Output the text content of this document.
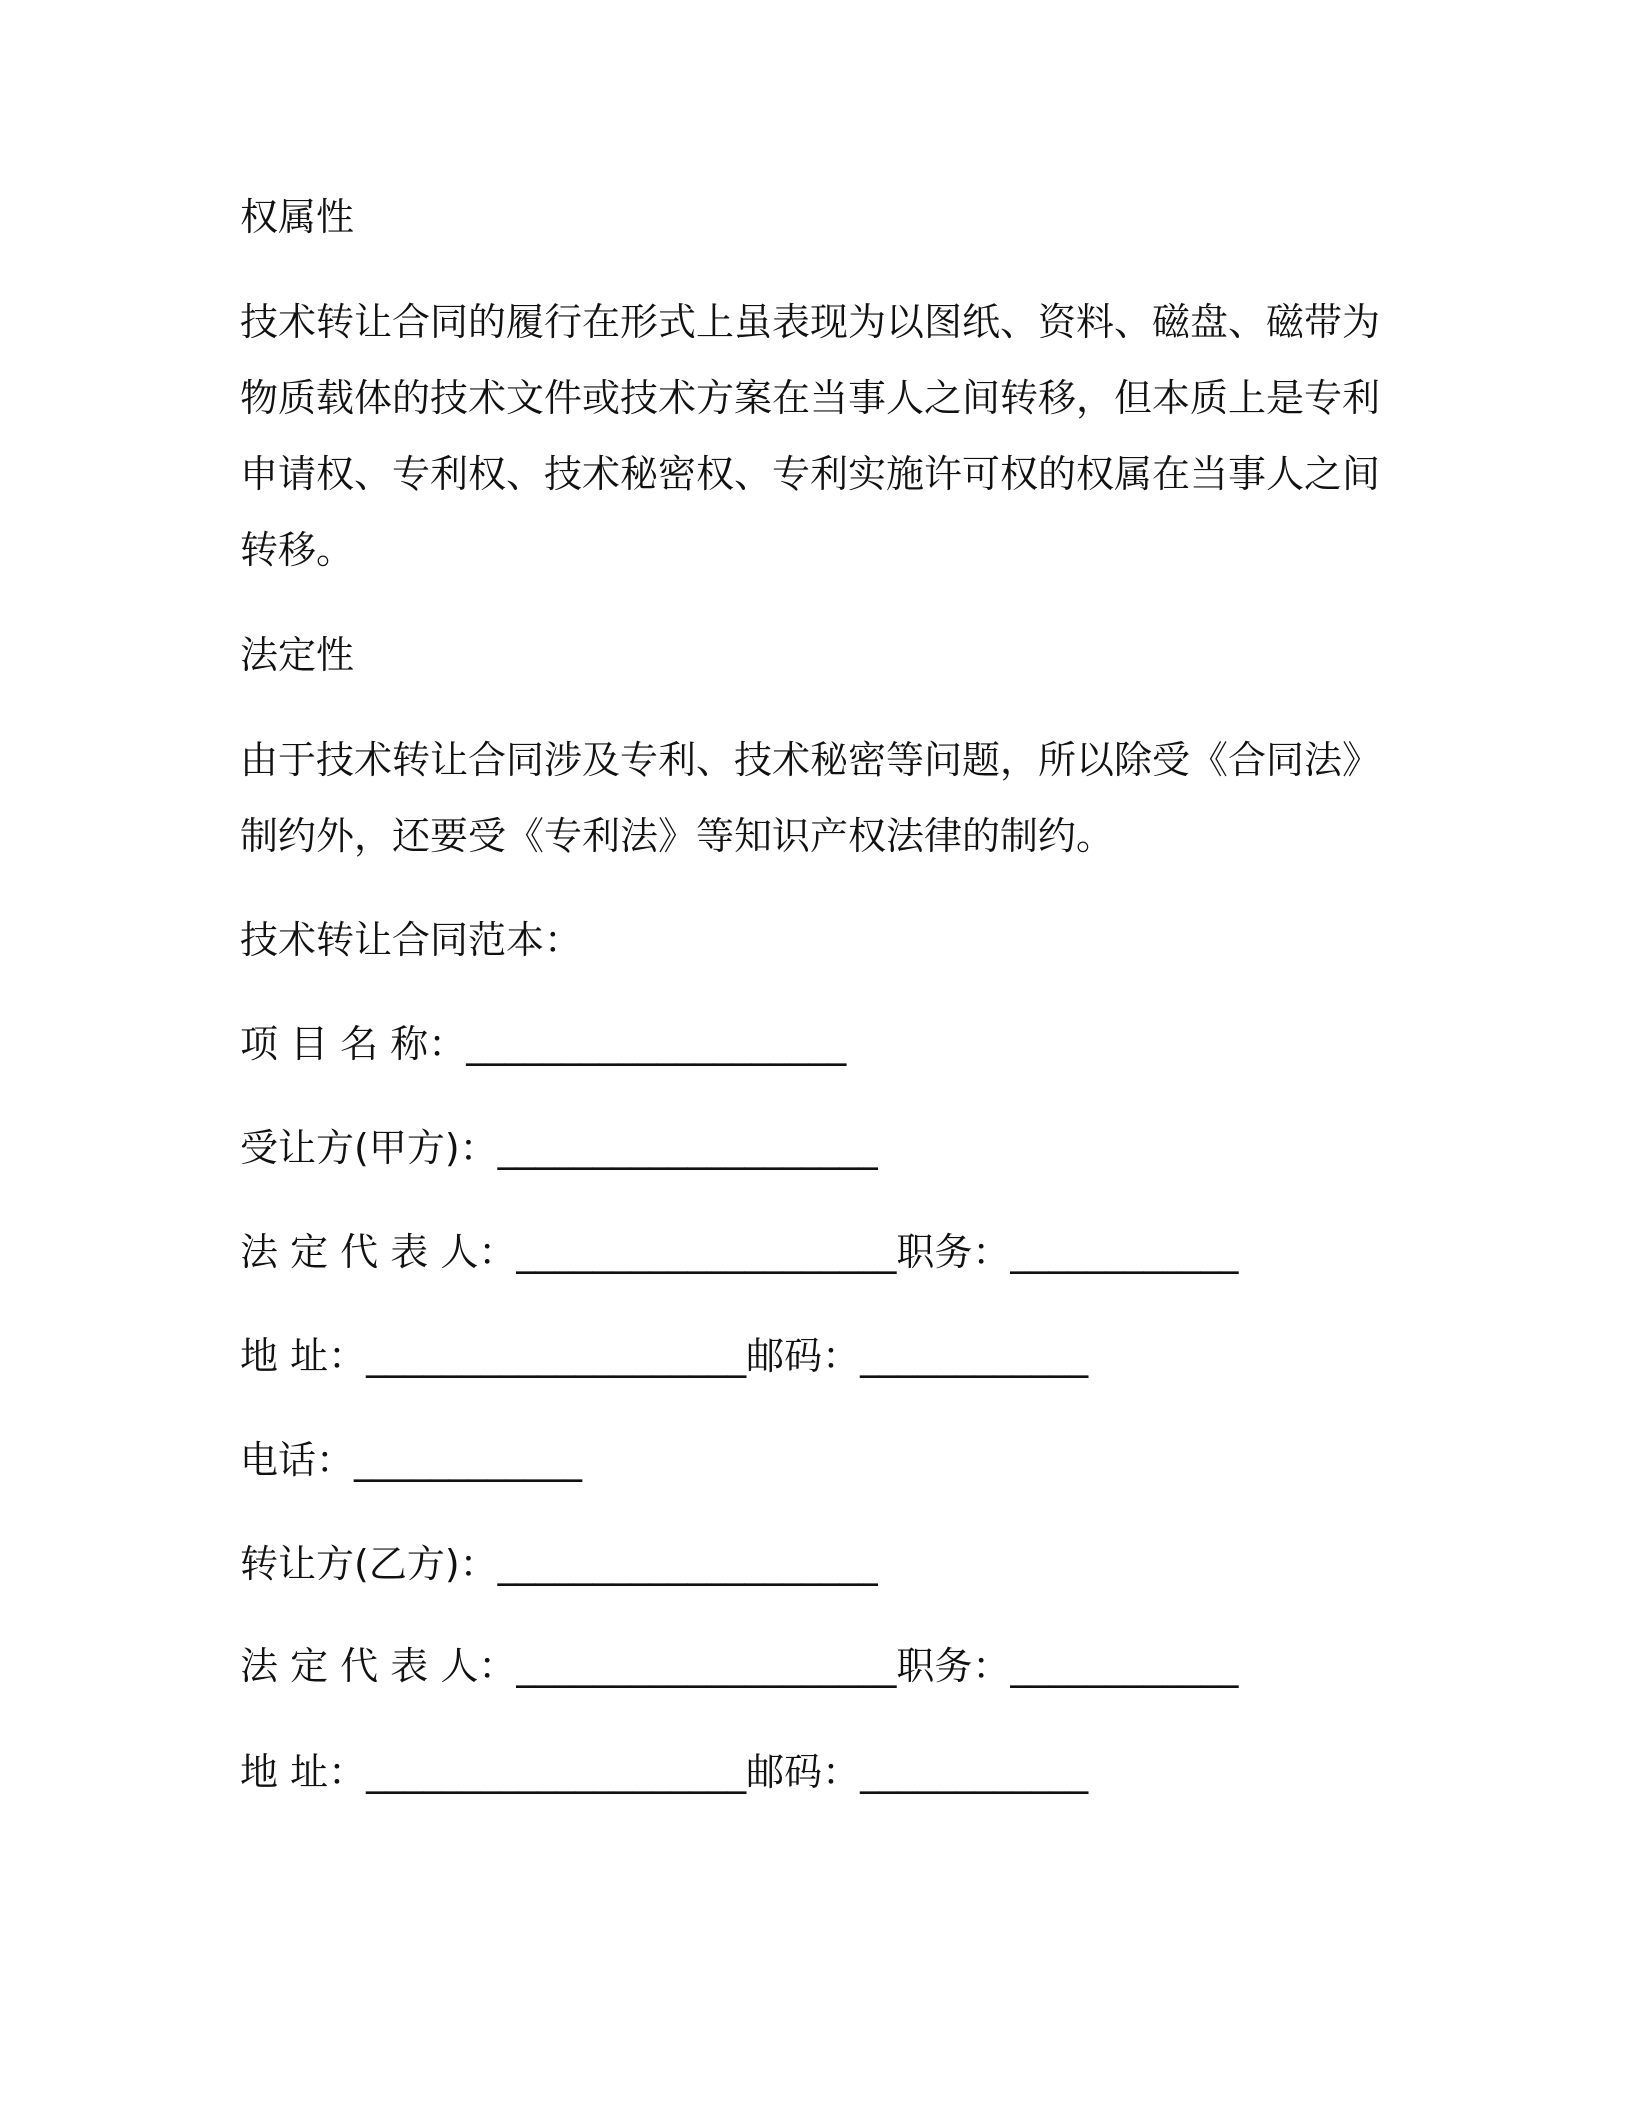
权属性
技术转让合同的履行在形式上虽表现为以图纸、资料、磁盘、磁带为
物质载体的技术文件或技术方案在当事人之间转移，但本质上是专利
申请权、专利权、技术秘密权、专利实施许可权的权属在当事人之间
转移。
法定性
由于技术转让合同涉及专利、技术秘密等问题，所以除受《合同法》
制约外，还要受《专利法》等知识产权法律的制约。
技术转让合同范本：
项 目 名 称：____________________
受让方(甲方)：____________________
法 定 代 表 人：____________________职务：____________
地 址：____________________邮码：____________
电话：____________
转让方(乙方)：____________________
法 定 代 表 人：____________________职务：____________
地 址：____________________邮码：____________
